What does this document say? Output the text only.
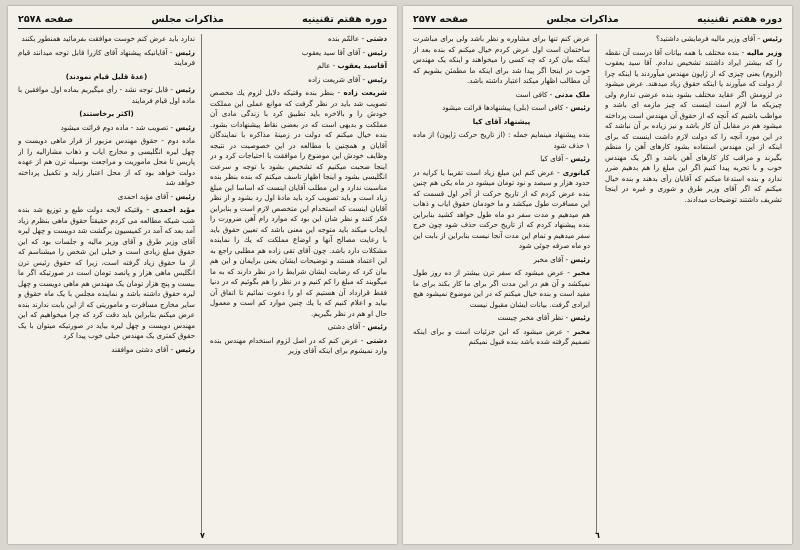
دوره هفتم تقنينيه
مذاكرات مجلس
صفحه ۲۵۷۸

دشتی - عالمّم بنده

رئیس - آقای آقا سید یعقوب

آقاسید یعقوب - عالم

رئیس - آقای شریعت زاده

شریعت زاده - بنظر بنده وقتیکه دلایل لزوم یك مخصص تصویب شد باید در نظر گرفت که موانع عملی این مملکت خودش را و بالاخره باید تطبیق کرد با زندگی مادی آن مملکت و بدیهی است که در بعضی نقاط پیشنهادات بشود. بنده خیال میکنم که دولت در زمینهٔ مذاکره با نمایندگان آقایان و همچنین با مطالعه در این خصوصیت در نتیجه وظایف خودش این موضوع را موافقت با احتیاجات کرد و در اینجا صحبت میکنیم که تشخیص بشود با توجه و سرعت انگلیسی بشود و اینجا اظهار تاسف میکنم که بنده بنظر بنده مناسبت ندارد و این مطلب آقایان اینست که اساسا این مبلغ زیاد است و باید تصویب کرد باید مادهٔ اول رد بشود و از نظر آقایان اینست که استخدام این متخصص لازم است و بنابراین فکر کنند و نظر شان این بود که موارد رام آهن ضرورت را ایجاب میکند باید متوجه این معنی باشد که تعیین حقوق باید با رعایت مصالح آنها و اوضاع مملکت که یك را نماینده مشکلات دارد باشد. چون آقای تقی زاده هم مطلبی راجع به این اعتماد هستند و توضیحات ایشان یعنی برایمان و این هم بیان کرد که رضایت ایشان شرایط را در نظر دارند که به ما میگویند که مبلغ را کم کنیم و در نظر را هم بگوئیم که در دنیا فقط قرارداد آن هستیم که او را دعوت نمائیم تا اتفاق آن بیاید و اعلام کنیم که با یك چنین موارد کم است و معمول حال او هم در نظر بگیریم.

رئیس - آقای دشتی

دشتی - عرض کنم که در اصل لزوم استخدام مهندس بنده وارد نمیشوم برای اینکه آقای وزیر

ندارد باید عرض کنم خوست موافقت بفرمائید همنطور بکنند

رئیس - آقایانیکه پیشنهاد آقای کازرا قابل توجه میدانند قیام فرمایند

(عدۀ قلیل قیام نمودند)

رئیس - قابل توجه نشد - رأی میگیریم بماده اول موافقین با ماده اول قیام فرمایند

(اکثر برخاستند)

رئیس - تصویب شد - ماده دوم قرائت میشود

ماده دوم - حقوق مهندس مزبور از قرار ماهی دویست و چهل لیره انگلیسی و مخارج ایاب و ذهاب مشارالیه را از پاریس تا محل ماموریت و مراجعت بوسیله ترن هم از عهده دولت خواهد بود که از محل اعتبار زاید و تکمیل پرداخته خواهد شد

رئیس - آقای مؤید احمدی

مؤید احمدی - وقتیکه لایحه دولت طبع و توزیع شد بنده شب شیکه مطالعه می کردم حقیقتاً حقوق ماهی بنظرم زیاد آمد بعد که آمد در کمیسیون برگشت شد دویست و چهل لیره آقای وزیر طرق و آقای وزیر مالیه و جلسات بود که این حقوق مبلغ زیادی است و خیلی این شخص را میشناسم که از ما حقوق زیاد گرفته است، زیرا که حقوق رئیس ترن انگلیس ماهی هزار و پانصد تومان است در صورتیکه اگر ما بیست و پنج هزار تومان یک مهندس هم ماهی دویست و چهل لیره حقوق داشته باشد و نماینده مجلس با یک ماه حقوق و سایر مخارج مسافرت و ماموریتی که از این بابت ندارند بنده عرض میکنم بنابراین باید دقت کرد که چرا میخواهیم که این مهندس دویست و چهل لیره بیاید در صورتیکه میتوان با یک حقوق کمتری یک مهندس خیلی خوب پیدا کرد

رئیس - آقای دشتی موافقند

٧
دوره هفتم تقنينيه
مذاكرات مجلس
صفحه ۲۵۷۷

رئیس - آقای وزیر مالیه فرمایشی داشتید؟

وزیر مالیه - بنده مختلف با همه بیانات آقا درست آن نقطه را که بیشتر ایراد داشتند تشخیص ندادم. آقا سید یعقوب (لزوم) یعنی چیزی که از ژاپون مهندس میآوردند یا اینکه چرا از دولت که میآورند یا اینکه حقوق زیاد میدهند. عرض میشود در لزومش اگر عقاید مختلف بشود بنده عرضی ندارم ولی چیزیکه ما لازم است اینست که چیز مازمه ای باشد و مواظب باشیم که آنچه که از حقوق آن مهندس است پرداخته میشود هم در مقابل آن کار باشد و نیز زیاده بر آن نباشد که در این مورد آنچه را که دولت لازم داشت اینست که برای اینکه از این مهندس استفاده بشود کارهای آهن را منظم بگیرند و مراقب کار کارهای آهن باشد و اگر یک مهندس خوب و با تجربه پیدا کنیم اگر این مبلغ را هم بدهیم ضرر ندارد و بنده استدعا میکنم که آقایان رأی بدهند و بنده خیال میکنم که اگر آقای وزیر طرق و شوری و غیره در اینجا تشریف داشتند توضیحات میدادند.

عرض کنم تنها برای مشاوره و نظر باشد ولی برای مباشرت ساختمان است اول عرض کردم خیال میکنم که بنده بعد از اینکه بیان کرد که چه کسی را میخواهند و اینکه یک مهندس خوب در اینجا اگر پیدا شد برای اینکه ما مطمئن بشویم که آن مطالب اظهار میکند اعتبار داشته باشد.

ملک مدنی - کافی است

رئیس - کافی است (بلی) پیشنهادها قرائت میشود

پیشنهاد آقای کیا

بنده پیشنهاد مینمایم جمله : (از تاریخ حرکت ژاپون) از ماده ۱ حذف شود

رئیس - آقای کیا

کیانوری - عرض کنم این مبلغ زیاد است تقریبا یا کرایه در حدود هزار و سیصد و نود تومان میشود در ماه یکی هم چنین بنده عرض کردم که از تاریخ حرکت از آخر اول قسمت که این مسافرت طول میکشد و ما خودمان حقوق ایاب و ذهاب هم میدهیم و مدت سفر دو ماه طول خواهد کشید بنابراین بنده پیشنهاد کردم که از تاریخ حرکت حذف شود چون خرج سفر میدهیم و تمام این مدت آنجا نیست بنابراین از بابت این دو ماه صرفه جوئی شود

رئیس - آقای مخبر

مخبر - عرض میشود که سفر ترن بیشتر از ده روز طول نمیکشد و آن هم در این مدت اگر برای ما کار بکند برای ما مفید است و بنده خیال میکنم که در این موضوع نمیشود هیچ ایرادی گرفت. بیانات ایشان مقبول نیست

رئیس - نظر آقای مخبر چیست

مخبر - عرض میشود که این جزئیات است و برای اینکه تصمیم گرفته شده باشد بنده قبول نمیکنم

٦
